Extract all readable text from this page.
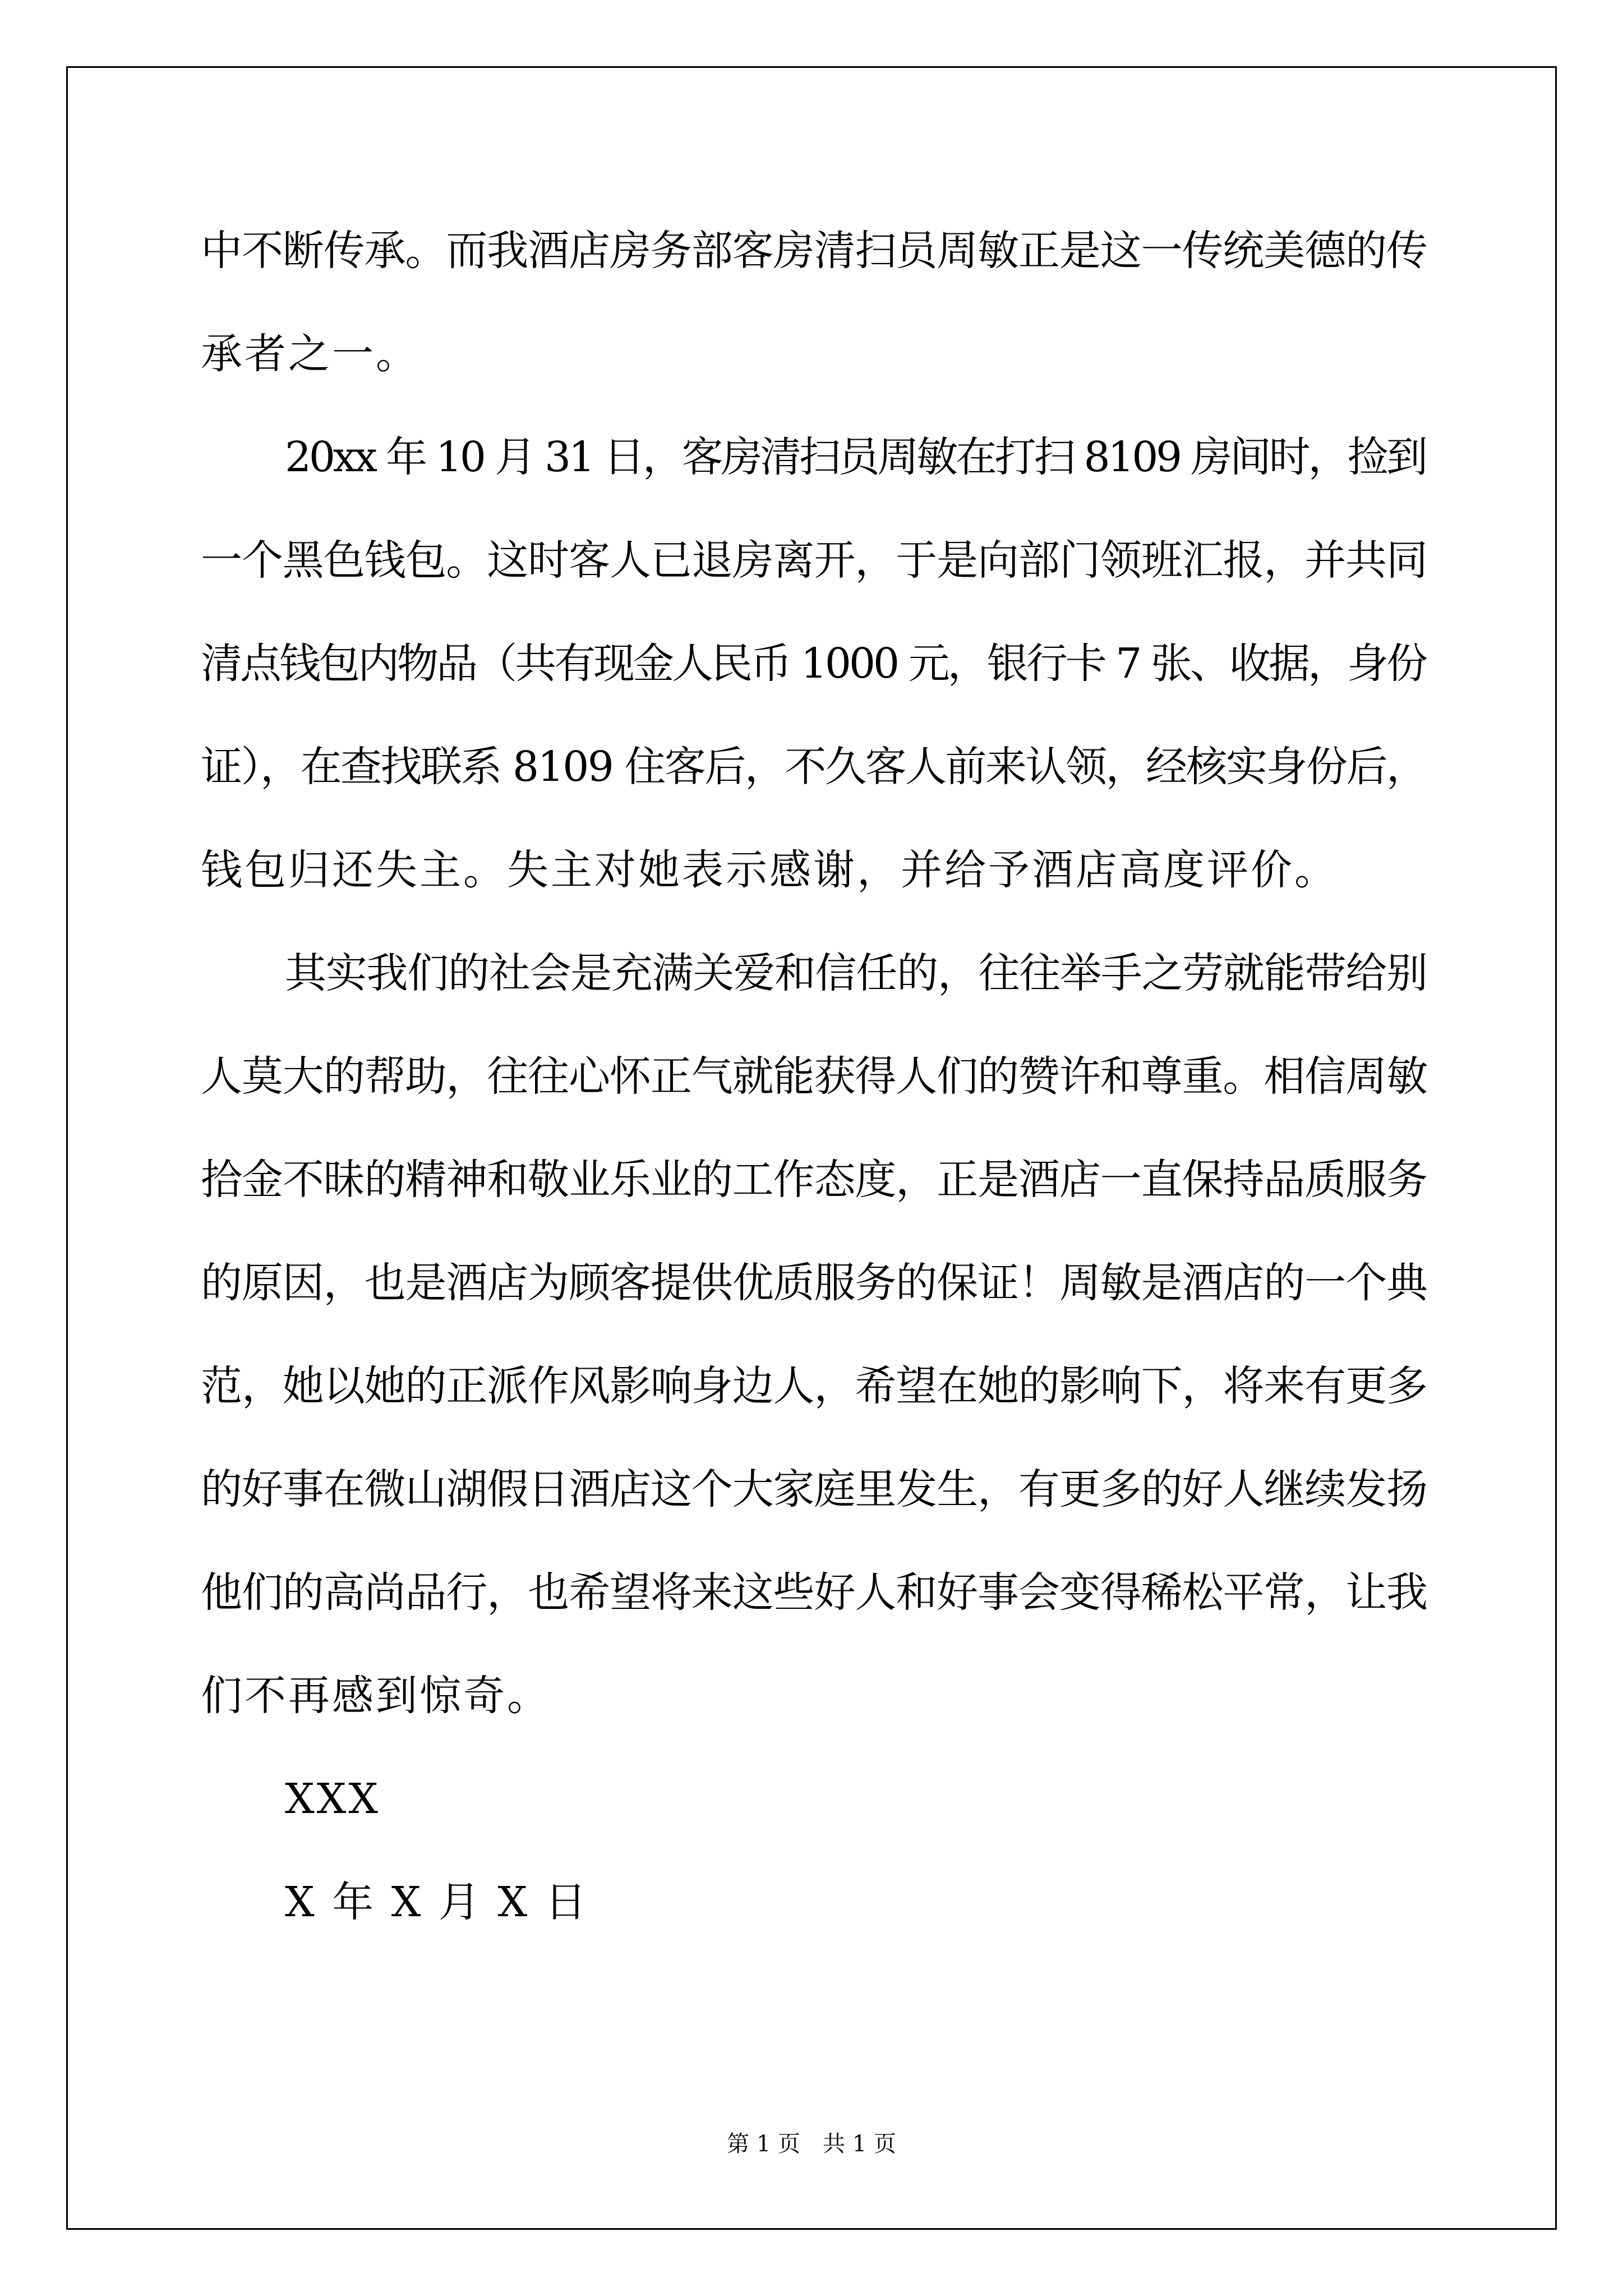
中不断传承。而我酒店房务部客房清扫员周敏正是这一传统美德的传
承者之一。
20xx 年 10 月 31 日，客房清扫员周敏在打扫 8109 房间时，捡到
一个黑色钱包。这时客人已退房离开，于是向部门领班汇报，并共同
清点钱包内物品（共有现金人民币 1000 元，银行卡 7 张、收据，身份
证），在查找联系 8109 住客后，不久客人前来认领，经核实身份后，
钱包归还失主。失主对她表示感谢，并给予酒店高度评价。
其实我们的社会是充满关爱和信任的，往往举手之劳就能带给别
人莫大的帮助，往往心怀正气就能获得人们的赞许和尊重。相信周敏
拾金不昧的精神和敬业乐业的工作态度，正是酒店一直保持品质服务
的原因，也是酒店为顾客提供优质服务的保证！周敏是酒店的一个典
范，她以她的正派作风影响身边人，希望在她的影响下，将来有更多
的好事在微山湖假日酒店这个大家庭里发生，有更多的好人继续发扬
他们的高尚品行，也希望将来这些好人和好事会变得稀松平常，让我
们不再感到惊奇。
XXX
X 年 X 月 X 日
第 1 页　共 1 页
